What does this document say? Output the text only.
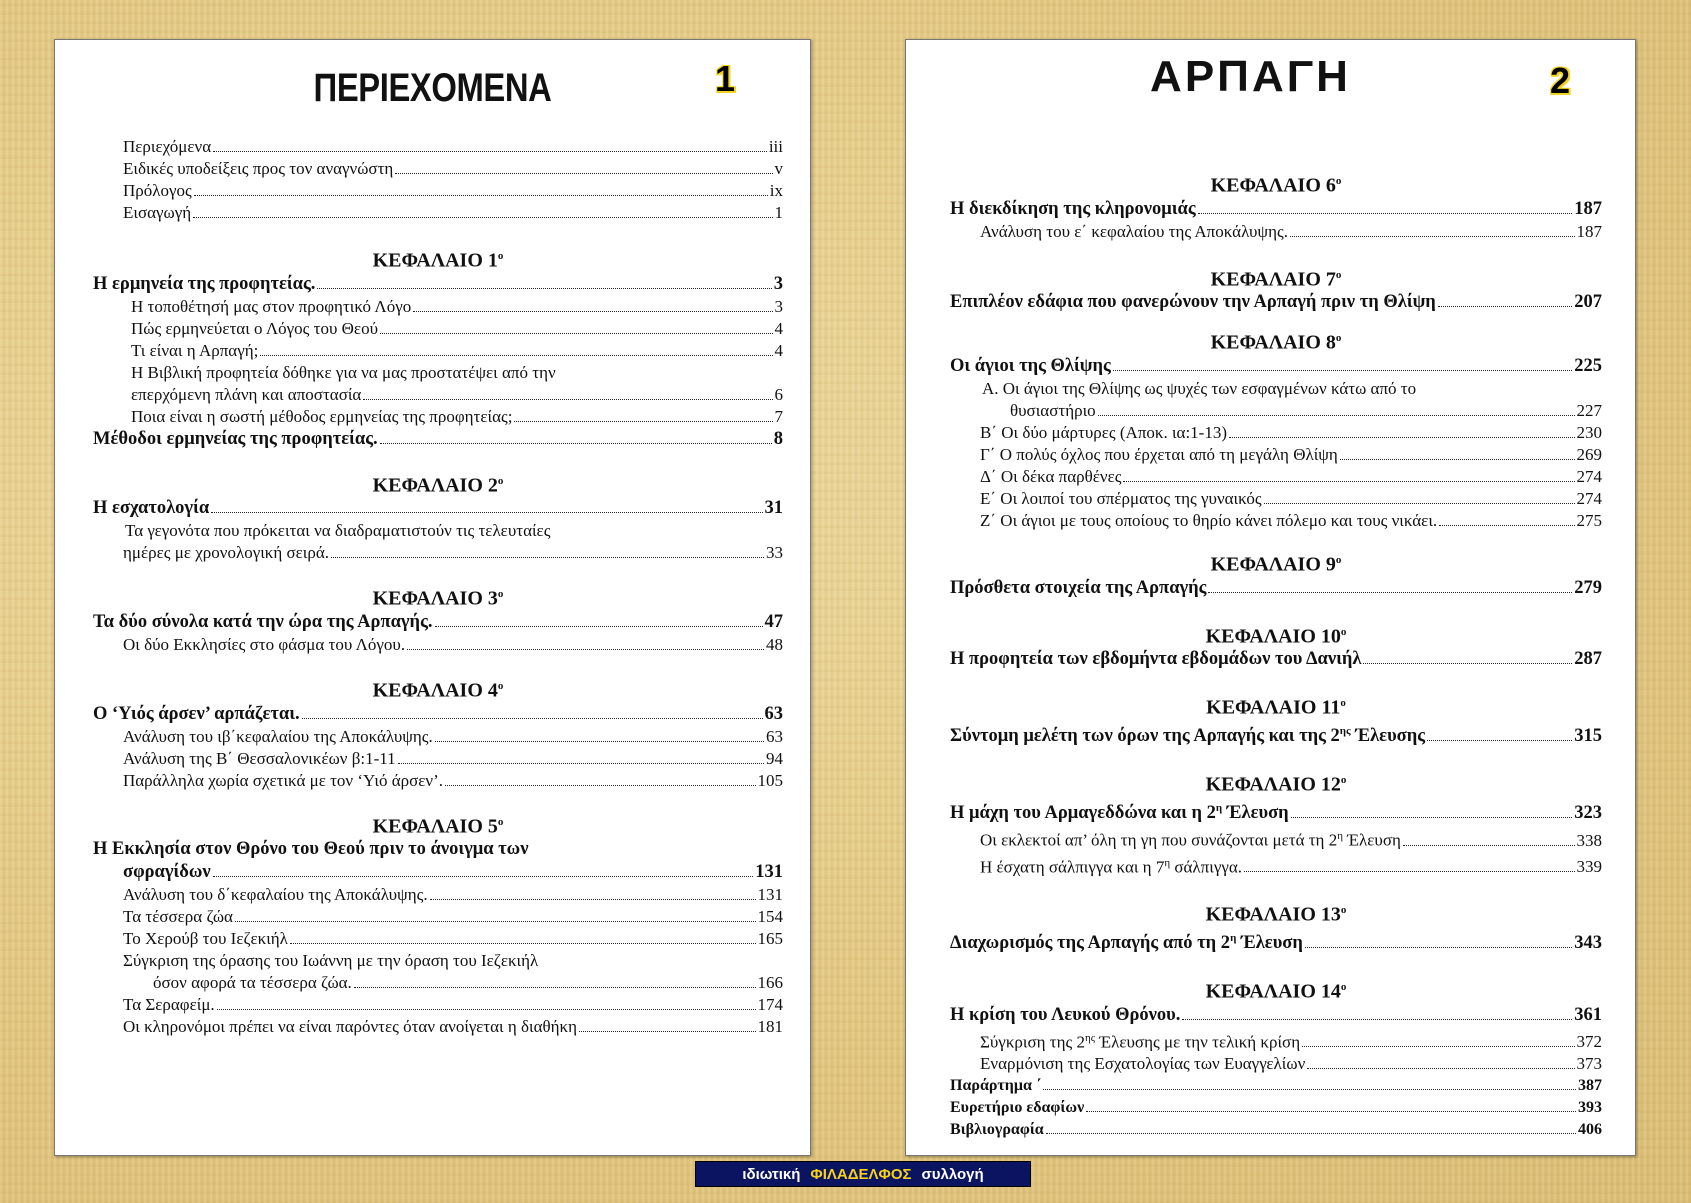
ΠΕΡΙΕΧΟΜΕΝΑ	1
Περιεχόμενα	iii
Ειδικές υποδείξεις προς τον αναγνώστη	v
Πρόλογος	ix
Εισαγωγή	1
ΚΕΦΑΛΑΙΟ $1^o$
Η ερμηνεία της προφητείας.	3
Η τοποθέτησή μας στον προφητικό Λόγο	3
Πώς ερμηνεύεται ο Λόγος του Θεού	4
Τι είναι η Αρπαγή;	4
Η Βιβλική προφητεία δόθηκε για να μας προστατέψει από την
επερχόμενη πλάνη και αποστασία	6
Ποια είναι η σωστή μέθοδος ερμηνείας της προφητείας;	7
Μέθοδοι ερμηνείας της προφητείας.	8
ΚΕΦΑΛΑΙΟ $2^o$
Η εσχατολογία	31
Τα γεγονότα που πρόκειται να διαδραματιστούν τις τελευταίες
ημέρες με χρονολογική σειρά.	33
ΚΕΦΑΛΑΙΟ $3^o$
Τα δύο σύνολα κατά την ώρα της Αρπαγής.	47
Οι δύο Εκκλησίες στο φάσμα του Λόγου.	48
ΚΕΦΑΛΑΙΟ $4^o$
Ο ‘Υιός άρσεν’ αρπάζεται.	63
Ανάλυση του ιβ΄κεφαλαίου της Αποκάλυψης.	63
Ανάλυση της Β΄ Θεσσαλονικέων β:1-11	94
Παράλληλα χωρία σχετικά με τον ‘Υιό άρσεν’.	105
ΚΕΦΑΛΑΙΟ $5^o$
Η Εκκλησία στον Θρόνο του Θεού πριν το άνοιγμα των
σφραγίδων	131
Ανάλυση του δ΄κεφαλαίου της Αποκάλυψης.	131
Τα τέσσερα ζώα	154
Το Χερούβ του Ιεζεκιήλ	165
Σύγκριση της όρασης του Ιωάννη με την όραση του Ιεζεκιήλ
όσον αφορά τα τέσσερα ζώα.	166
Τα Σεραφείμ.	174
Οι κληρονόμοι πρέπει να είναι παρόντες όταν ανοίγεται η διαθήκη	181
ΑΡΠΑΓΗ	2
ΚΕΦΑΛΑΙΟ $6^o$
Η διεκδίκηση της κληρονομιάς	187
Ανάλυση του ε΄ κεφαλαίου της Αποκάλυψης.	187
ΚΕΦΑΛΑΙΟ $7^o$
Επιπλέον εδάφια που φανερώνουν την Αρπαγή πριν τη Θλίψη	207
ΚΕΦΑΛΑΙΟ $8^o$
Οι άγιοι της Θλίψης	225
Α. Οι άγιοι της Θλίψης ως ψυχές των εσφαγμένων κάτω από το
θυσιαστήριο	227
Β΄ Οι δύο μάρτυρες (Αποκ. ια:1-13)	230
Γ΄ Ο πολύς όχλος που έρχεται από τη μεγάλη Θλίψη	269
Δ΄ Οι δέκα παρθένες	274
Ε΄ Οι λοιποί του σπέρματος της γυναικός	274
Ζ΄ Οι άγιοι με τους οποίους το θηρίο κάνει πόλεμο και τους νικάει.	275
ΚΕΦΑΛΑΙΟ $9^o$
Πρόσθετα στοιχεία της Αρπαγής	279
ΚΕΦΑΛΑΙΟ $10^o$
Η προφητεία των εβδομήντα εβδομάδων του Δανιήλ	287
ΚΕΦΑΛΑΙΟ $11^o$
Σύντομη μελέτη των όρων της Αρπαγής και της $2^{\eta\varsigma}$ Έλευσης	315
ΚΕΦΑΛΑΙΟ $12^o$
Η μάχη του Αρμαγεδδώνα και η $2^\eta$ Έλευση	323
Οι εκλεκτοί απ’ όλη τη γη που συνάζονται μετά τη $2^\eta$ Έλευση	338
Η έσχατη σάλπιγγα και η $7^\eta$ σάλπιγγα.	339
ΚΕΦΑΛΑΙΟ $13^o$
Διαχωρισμός της Αρπαγής από τη $2^\eta$ Έλευση	343
ΚΕΦΑΛΑΙΟ $14^o$
Η κρίση του Λευκού Θρόνου.	361
Σύγκριση της $2^{\eta\varsigma}$ Έλευσης με την τελική κρίση	372
Εναρμόνιση της Εσχατολογίας των Ευαγγελίων	373
Παράρτημα ΄	387
Ευρετήριο εδαφίων	393
Βιβλιογραφία	406
ιδιωτική ΦΙΛΑΔΕΛΦΟΣ συλλογή
